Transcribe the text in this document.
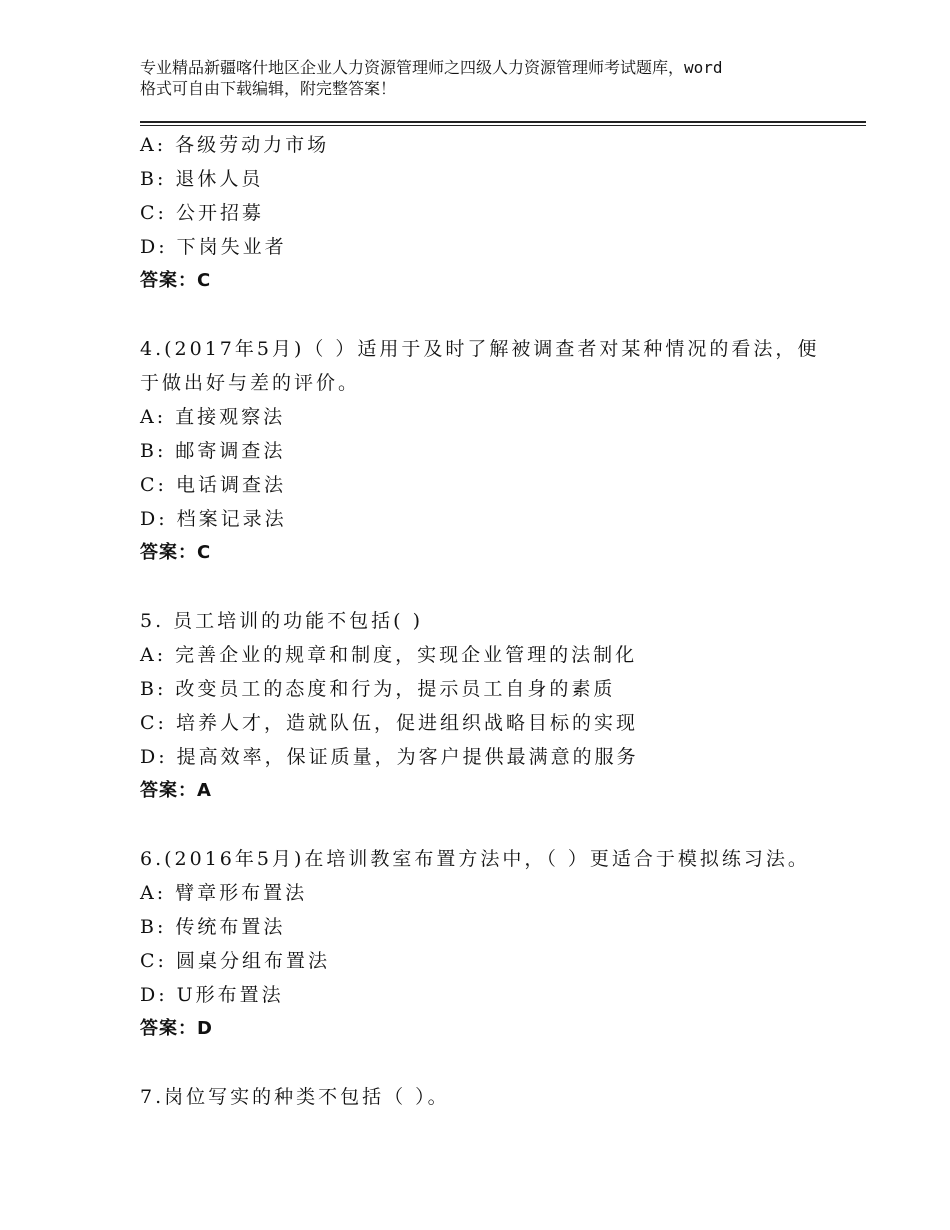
专业精品新疆喀什地区企业人力资源管理师之四级人力资源管理师考试题库，word
格式可自由下载编辑，附完整答案！
A: 各级劳动力市场
B: 退休人员
C: 公开招募
D: 下岗失业者
答案：C
4.(2017年5月)（ ）适用于及时了解被调查者对某种情况的看法，便
于做出好与差的评价。
A: 直接观察法
B: 邮寄调查法
C: 电话调查法
D: 档案记录法
答案：C
5. 员工培训的功能不包括( )
A: 完善企业的规章和制度，实现企业管理的法制化
B: 改变员工的态度和行为，提示员工自身的素质
C: 培养人才，造就队伍，促进组织战略目标的实现
D: 提高效率，保证质量，为客户提供最满意的服务
答案：A
6.(2016年5月)在培训教室布置方法中，（ ）更适合于模拟练习法。
A: 臂章形布置法
B: 传统布置法
C: 圆桌分组布置法
D: U形布置法
答案：D
7.岗位写实的种类不包括（ ）。
